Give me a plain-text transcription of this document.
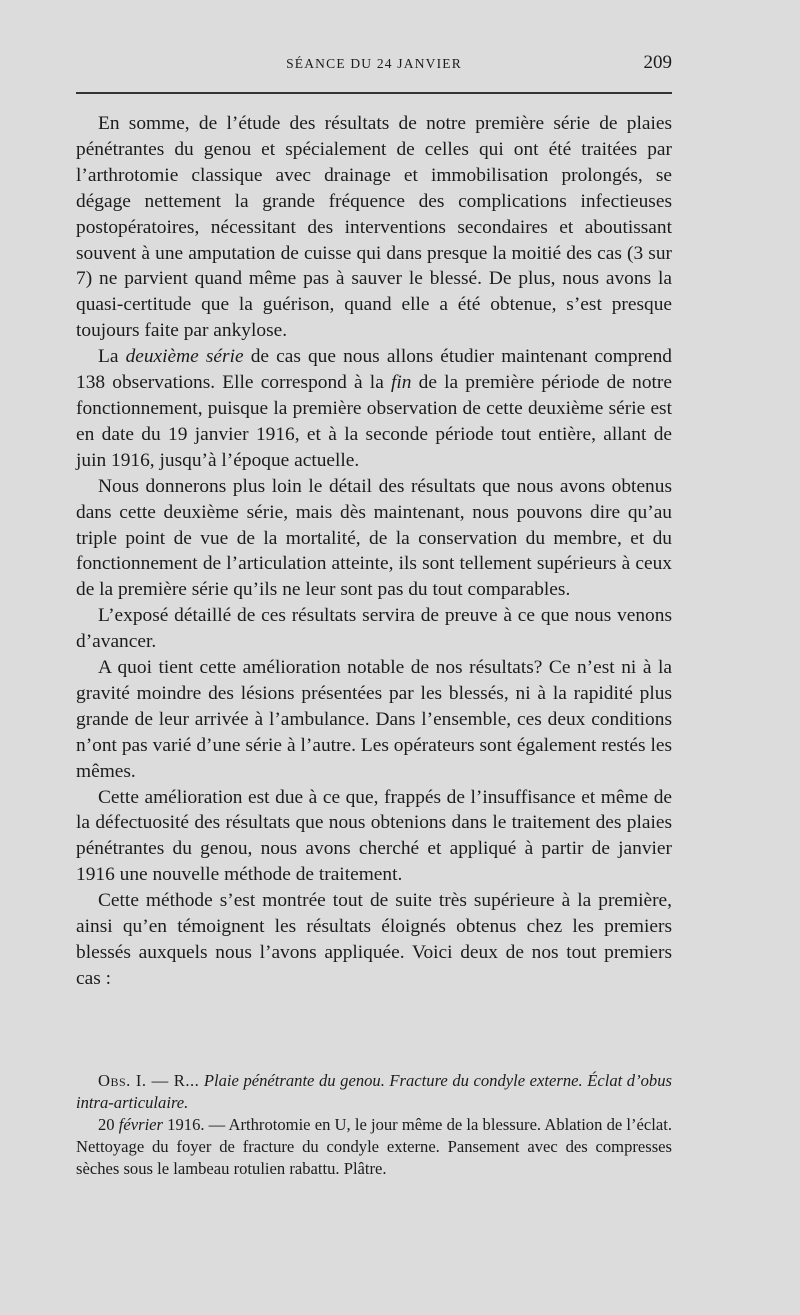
SÉANCE DU 24 JANVIER	209

En somme, de l’étude des résultats de notre première série de plaies pénétrantes du genou et spécialement de celles qui ont été traitées par l’arthrotomie classique avec drainage et immobilisation prolongés, se dégage nettement la grande fréquence des complications infectieuses postopératoires, nécessitant des interventions secondaires et aboutissant souvent à une amputation de cuisse qui dans presque la moitié des cas (3 sur 7) ne parvient quand même pas à sauver le blessé. De plus, nous avons la quasi-certitude que la guérison, quand elle a été obtenue, s’est presque toujours faite par ankylose.

La deuxième série de cas que nous allons étudier maintenant comprend 138 observations. Elle correspond à la fin de la première période de notre fonctionnement, puisque la première observation de cette deuxième série est en date du 19 janvier 1916, et à la seconde période tout entière, allant de juin 1916, jusqu’à l’époque actuelle.

Nous donnerons plus loin le détail des résultats que nous avons obtenus dans cette deuxième série, mais dès maintenant, nous pouvons dire qu’au triple point de vue de la mortalité, de la conservation du membre, et du fonctionnement de l’articulation atteinte, ils sont tellement supérieurs à ceux de la première série qu’ils ne leur sont pas du tout comparables.

L’exposé détaillé de ces résultats servira de preuve à ce que nous venons d’avancer.

A quoi tient cette amélioration notable de nos résultats? Ce n’est ni à la gravité moindre des lésions présentées par les blessés, ni à la rapidité plus grande de leur arrivée à l’ambulance. Dans l’ensemble, ces deux conditions n’ont pas varié d’une série à l’autre. Les opérateurs sont également restés les mêmes.

Cette amélioration est due à ce que, frappés de l’insuffisance et même de la défectuosité des résultats que nous obtenions dans le traitement des plaies pénétrantes du genou, nous avons cherché et appliqué à partir de janvier 1916 une nouvelle méthode de traitement.

Cette méthode s’est montrée tout de suite très supérieure à la première, ainsi qu’en témoignent les résultats éloignés obtenus chez les premiers blessés auxquels nous l’avons appliquée. Voici deux de nos tout premiers cas :

Obs. I. — R... Plaie pénétrante du genou. Fracture du condyle externe. Éclat d’obus intra-articulaire.

20 février 1916. — Arthrotomie en U, le jour même de la blessure. Ablation de l’éclat. Nettoyage du foyer de fracture du condyle externe. Pansement avec des compresses sèches sous le lambeau rotulien rabattu. Plâtre.
